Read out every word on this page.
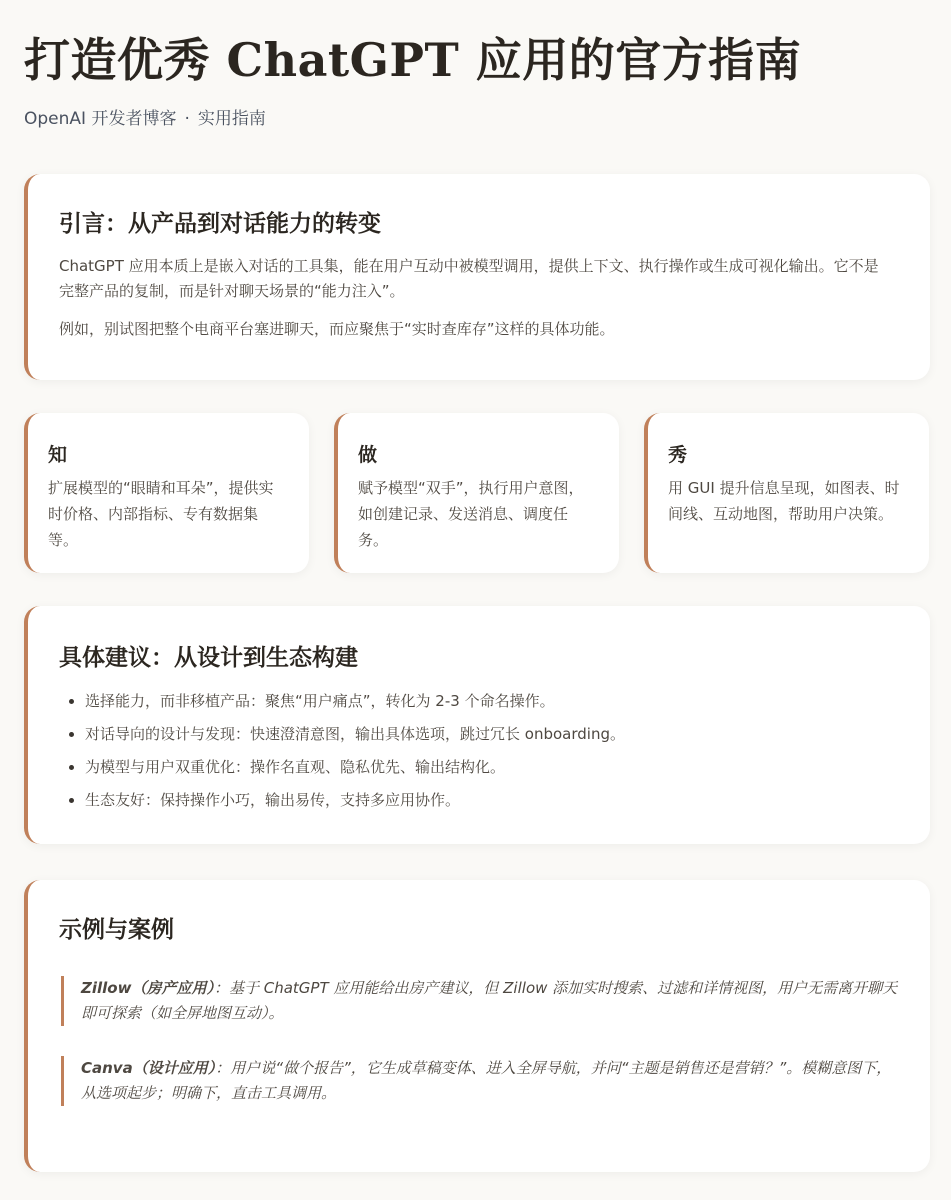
打造优秀 ChatGPT 应用的官方指南
OpenAI 开发者博客 · 实用指南
引言：从产品到对话能力的转变

ChatGPT 应用本质上是嵌入对话的工具集，能在用户互动中被模型调用，提供上下文、执行操作或生成可视化输出。它不是完整产品的复制，而是针对聊天场景的“能力注入”。

例如，别试图把整个电商平台塞进聊天，而应聚焦于“实时查库存”这样的具体功能。

知

扩展模型的“眼睛和耳朵”，提供实时价格、内部指标、专有数据集等。

做

赋予模型“双手”，执行用户意图，如创建记录、发送消息、调度任务。

秀

用 GUI 提升信息呈现，如图表、时间线、互动地图，帮助用户决策。

具体建议：从设计到生态构建
选择能力，而非移植产品：聚焦“用户痛点”，转化为 2-3 个命名操作。
对话导向的设计与发现：快速澄清意图，输出具体选项，跳过冗长 onboarding。
为模型与用户双重优化：操作名直观、隐私优先、输出结构化。
生态友好：保持操作小巧，输出易传，支持多应用协作。
示例与案例
Zillow（房产应用）：基于 ChatGPT 应用能给出房产建议，但 Zillow 添加实时搜索、过滤和详情视图，用户无需离开聊天即可探索（如全屏地图互动）。
Canva（设计应用）：用户说“做个报告”，它生成草稿变体、进入全屏导航，并问“主题是销售还是营销？”。模糊意图下，从选项起步；明确下，直击工具调用。
